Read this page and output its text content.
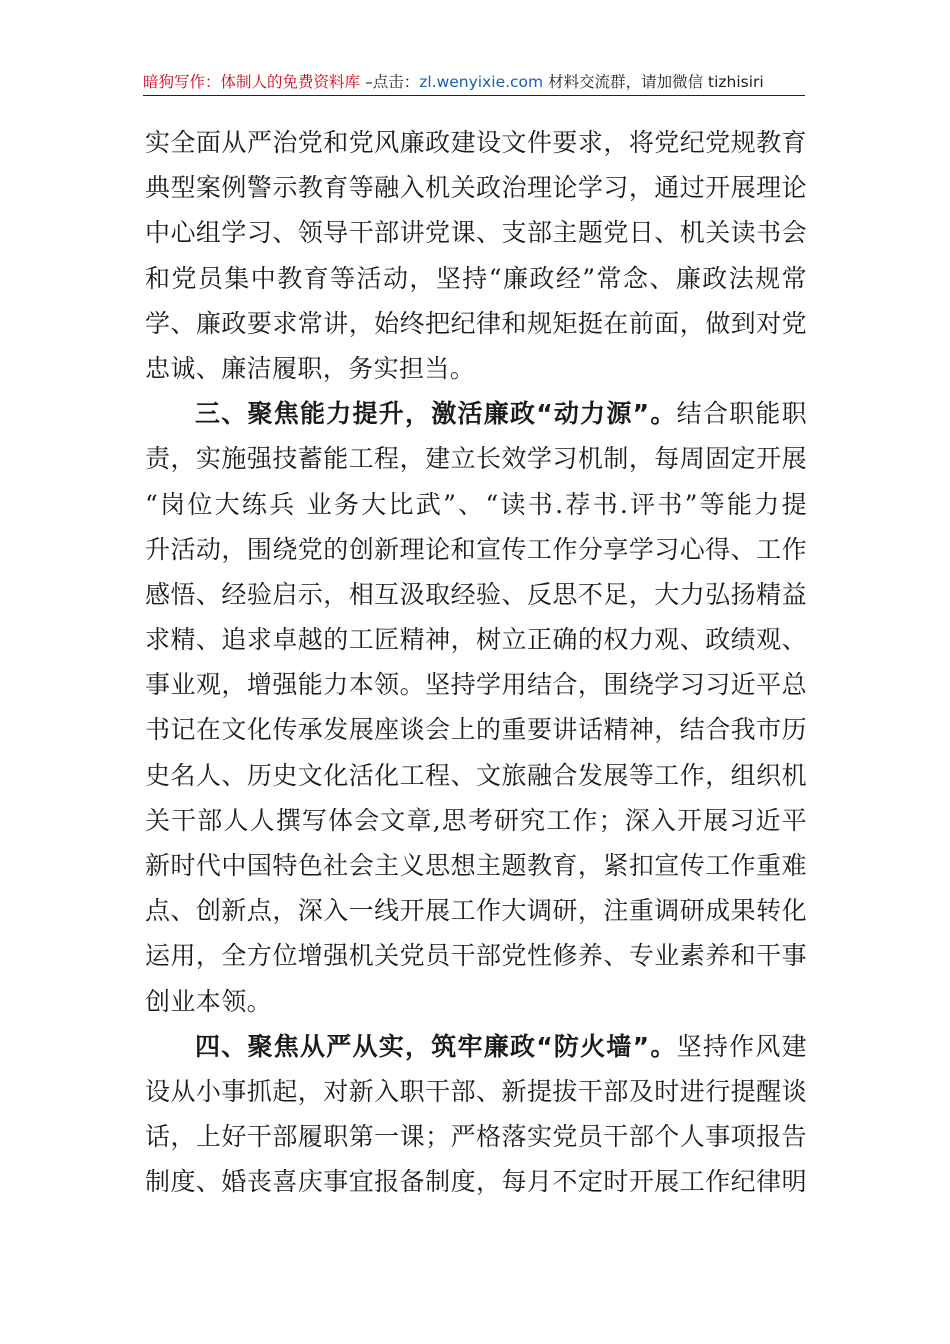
暗狗写作：体制人的免费资料库 –点击：zl.wenyixie.com 材料交流群，请加微信 tizhisiri
实全面从严治党和党风廉政建设文件要求，将党纪党规教育
典型案例警示教育等融入机关政治理论学习，通过开展理论
中心组学习、领导干部讲党课、支部主题党日、机关读书会
和党员集中教育等活动，坚持“廉政经”常念、廉政法规常
学、廉政要求常讲，始终把纪律和规矩挺在前面，做到对党
忠诚、廉洁履职，务实担当。
三、聚焦能力提升，激活廉政“动力源”。结合职能职
责，实施强技蓄能工程，建立长效学习机制，每周固定开展
“岗位大练兵 业务大比武”、“读书.荐书.评书”等能力提
升活动，围绕党的创新理论和宣传工作分享学习心得、工作
感悟、经验启示，相互汲取经验、反思不足，大力弘扬精益
求精、追求卓越的工匠精神，树立正确的权力观、政绩观、
事业观，增强能力本领。坚持学用结合，围绕学习习近平总
书记在文化传承发展座谈会上的重要讲话精神，结合我市历
史名人、历史文化活化工程、文旅融合发展等工作，组织机
关干部人人撰写体会文章,思考研究工作；深入开展习近平
新时代中国特色社会主义思想主题教育，紧扣宣传工作重难
点、创新点，深入一线开展工作大调研，注重调研成果转化
运用，全方位增强机关党员干部党性修养、专业素养和干事
创业本领。
四、聚焦从严从实，筑牢廉政“防火墙”。坚持作风建
设从小事抓起，对新入职干部、新提拔干部及时进行提醒谈
话，上好干部履职第一课；严格落实党员干部个人事项报告
制度、婚丧喜庆事宜报备制度，每月不定时开展工作纪律明
